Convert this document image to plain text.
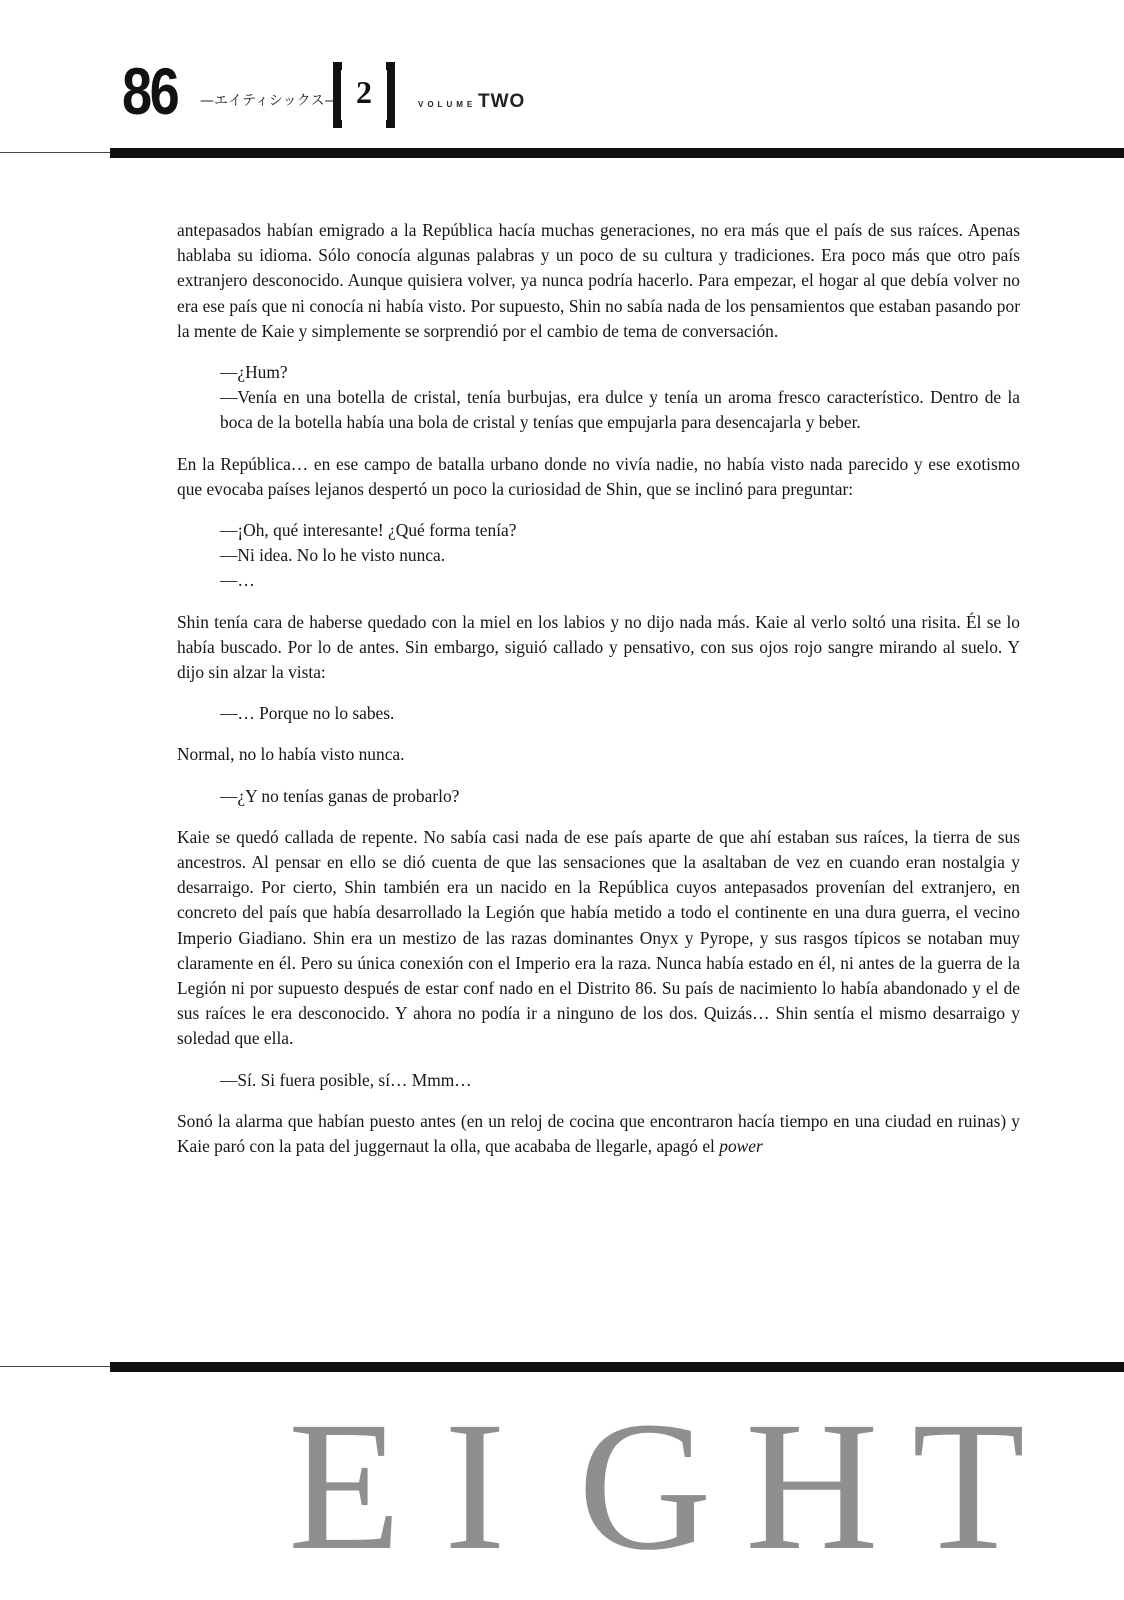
86 —エイティシックス— 2	VOLUME TWO

antepasados habían emigrado a la República hacía muchas generaciones, no era más que el país de sus raíces. Apenas hablaba su idioma. Sólo conocía algunas palabras y un poco de su cultura y tradiciones. Era poco más que otro país extranjero desconocido. Aunque quisiera volver, ya nunca podría hacerlo. Para empezar, el hogar al que debía volver no era ese país que ni conocía ni había visto. Por supuesto, Shin no sabía nada de los pensamientos que estaban pasando por la mente de Kaie y simplemente se sorprendió por el cambio de tema de conversación.

—¿Hum?

—Venía en una botella de cristal, tenía burbujas, era dulce y tenía un aroma fresco característico. Dentro de la boca de la botella había una bola de cristal y tenías que empujarla para desencajarla y beber.

En la República… en ese campo de batalla urbano donde no vivía nadie, no había visto nada parecido y ese exotismo que evocaba países lejanos despertó un poco la curiosidad de Shin, que se inclinó para preguntar:

—¡Oh, qué interesante! ¿Qué forma tenía?

—Ni idea. No lo he visto nunca.

—…

Shin tenía cara de haberse quedado con la miel en los labios y no dijo nada más. Kaie al verlo soltó una risita. Él se lo había buscado. Por lo de antes. Sin embargo, siguió callado y pensativo, con sus ojos rojo sangre mirando al suelo. Y dijo sin alzar la vista:

—… Porque no lo sabes.

Normal, no lo había visto nunca.

—¿Y no tenías ganas de probarlo?

Kaie se quedó callada de repente. No sabía casi nada de ese país aparte de que ahí estaban sus raíces, la tierra de sus ancestros. Al pensar en ello se dió cuenta de que las sensaciones que la asaltaban de vez en cuando eran nostalgia y desarraigo. Por cierto, Shin también era un nacido en la República cuyos antepasados provenían del extranjero, en concreto del país que había desarrollado la Legión que había metido a todo el continente en una dura guerra, el vecino Imperio Giadiano. Shin era un mestizo de las razas dominantes Onyx y Pyrope, y sus rasgos típicos se notaban muy claramente en él. Pero su única conexión con el Imperio era la raza. Nunca había estado en él, ni antes de la guerra de la Legión ni por supuesto después de estar conf nado en el Distrito 86. Su país de nacimiento lo había abandonado y el de sus raíces le era desconocido. Y ahora no podía ir a ninguno de los dos. Quizás… Shin sentía el mismo desarraigo y soledad que ella.

—Sí. Si fuera posible, sí… Mmm…

Sonó la alarma que habían puesto antes (en un reloj de cocina que encontraron hacía tiempo en una ciudad en ruinas) y Kaie paró con la pata del juggernaut la olla, que acababa de llegarle, apagó el power

E I G H T
